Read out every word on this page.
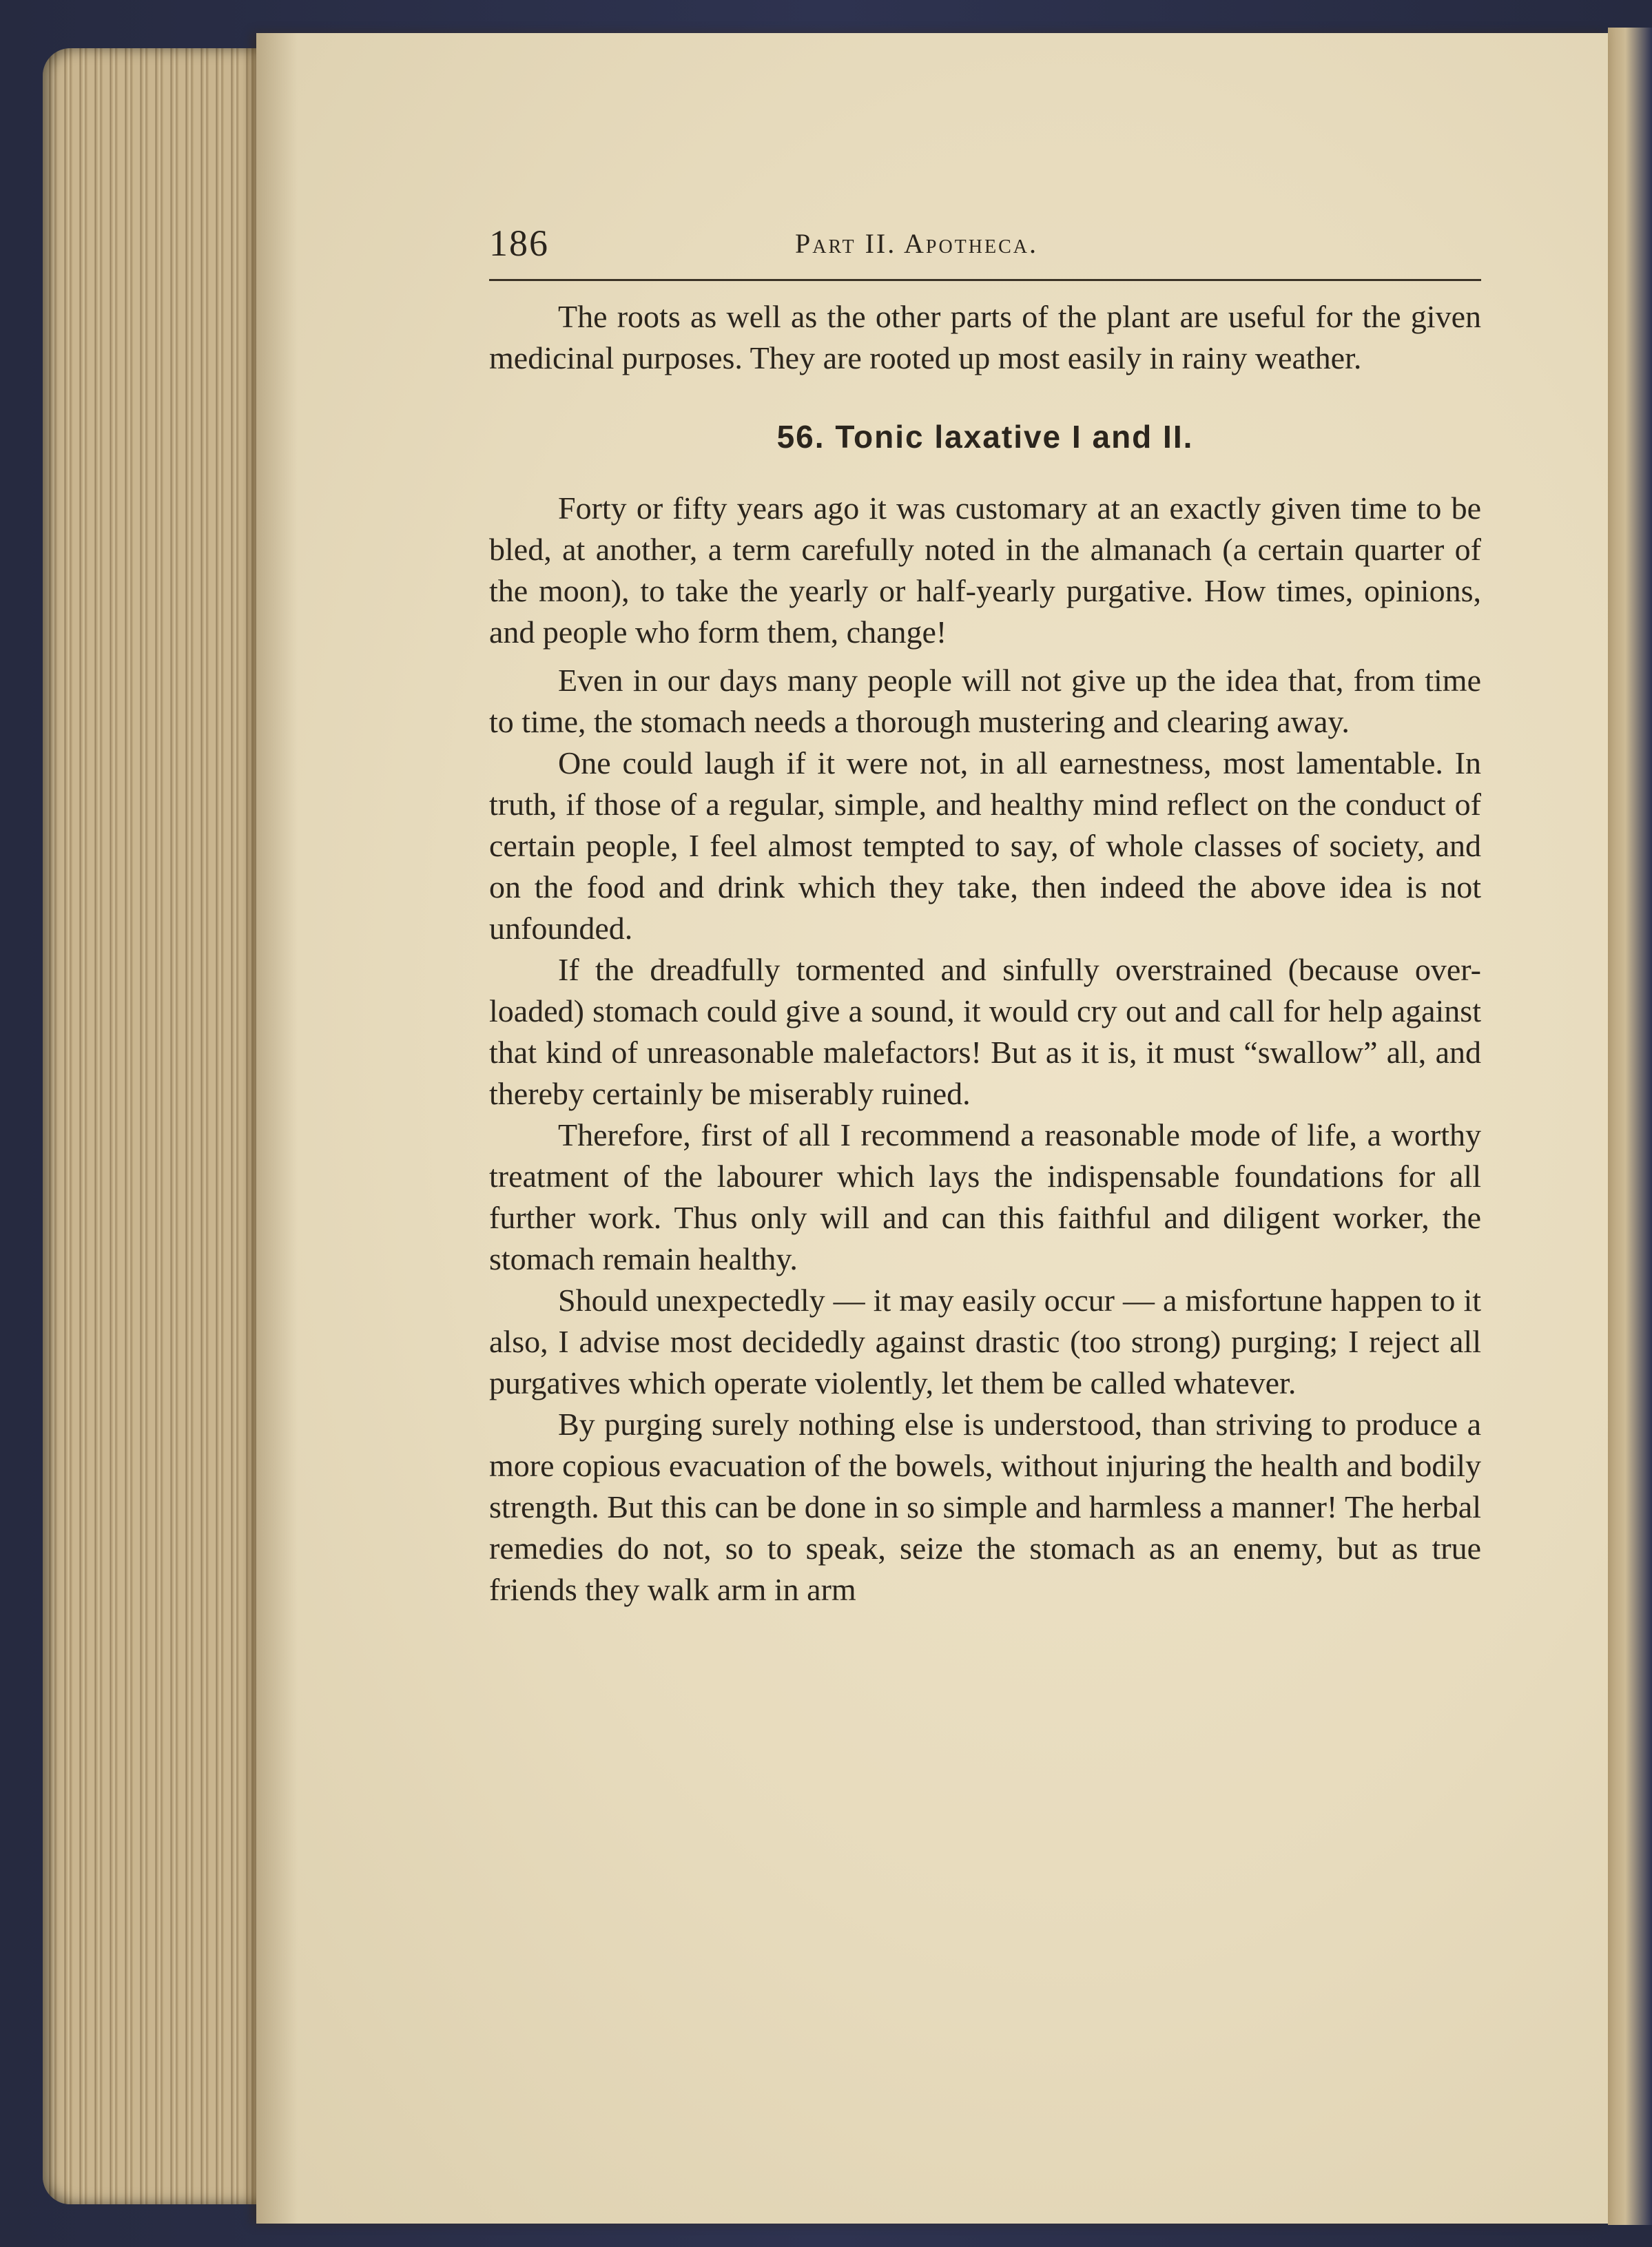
186	Part II. Apotheca.

The roots as well as the other parts of the plant are useful for the given medicinal purposes. They are rooted up most easily in rainy weather.

56. Tonic laxative I and II.

Forty or fifty years ago it was customary at an exactly given time to be bled, at another, a term carefully noted in the almanach (a certain quarter of the moon), to take the yearly or half-yearly purgative. How times, opinions, and people who form them, change!

Even in our days many people will not give up the idea that, from time to time, the stomach needs a thorough mustering and clearing away.

One could laugh if it were not, in all earnestness, most lamentable. In truth, if those of a regular, simple, and healthy mind reflect on the conduct of certain people, I feel almost tempted to say, of whole classes of society, and on the food and drink which they take, then indeed the above idea is not unfounded.

If the dreadfully tormented and sinfully overstrained (because over-loaded) stomach could give a sound, it would cry out and call for help against that kind of unreasonable malefactors! But as it is, it must “swallow” all, and thereby certainly be miserably ruined.

Therefore, first of all I recommend a reasonable mode of life, a worthy treatment of the labourer which lays the indispensable foundations for all further work. Thus only will and can this faithful and diligent worker, the stomach remain healthy.

Should unexpectedly — it may easily occur — a misfortune happen to it also, I advise most decidedly against drastic (too strong) purging; I reject all purgatives which operate violently, let them be called whatever.

By purging surely nothing else is understood, than striving to produce a more copious evacuation of the bowels, without injuring the health and bodily strength. But this can be done in so simple and harmless a manner! The herbal remedies do not, so to speak, seize the stomach as an enemy, but as true friends they walk arm in arm
